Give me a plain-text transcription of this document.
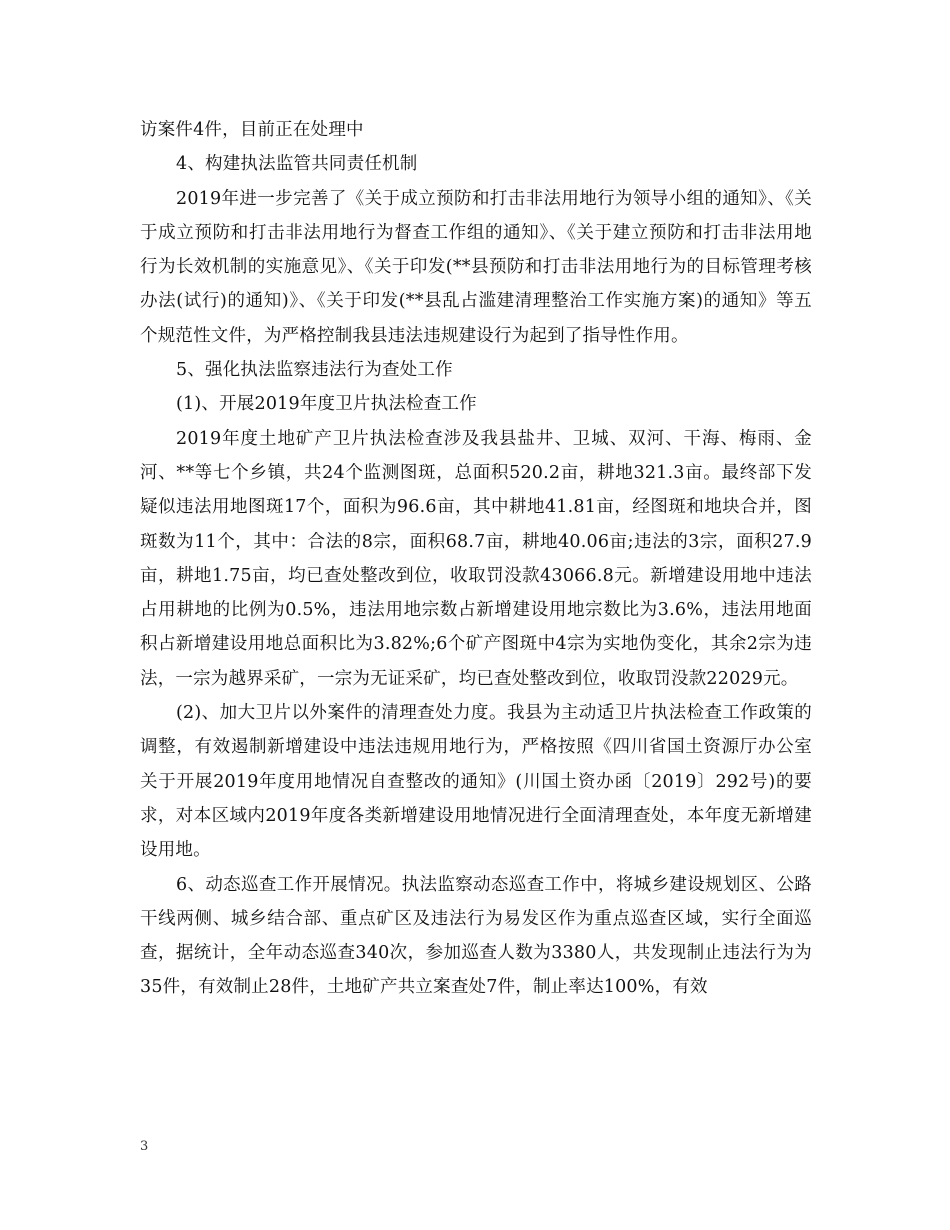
访案件4件，目前正在处理中

4、构建执法监管共同责任机制

2019年进一步完善了《关于成立预防和打击非法用地行为领导小组的通知》、《关于成立预防和打击非法用地行为督查工作组的通知》、《关于建立预防和打击非法用地行为长效机制的实施意见》、《关于印发(**县预防和打击非法用地行为的目标管理考核办法(试行)的通知)》、《关于印发(**县乱占滥建清理整治工作实施方案)的通知》等五个规范性文件，为严格控制我县违法违规建设行为起到了指导性作用。

5、强化执法监察违法行为查处工作

(1)、开展2019年度卫片执法检查工作

2019年度土地矿产卫片执法检查涉及我县盐井、卫城、双河、干海、梅雨、金河、**等七个乡镇，共24个监测图斑，总面积520.2亩，耕地321.3亩。最终部下发疑似违法用地图斑17个，面积为96.6亩，其中耕地41.81亩，经图斑和地块合并，图斑数为11个，其中：合法的8宗，面积68.7亩，耕地40.06亩;违法的3宗，面积27.9亩，耕地1.75亩，均已查处整改到位，收取罚没款43066.8元。新增建设用地中违法占用耕地的比例为0.5%，违法用地宗数占新增建设用地宗数比为3.6%，违法用地面积占新增建设用地总面积比为3.82%;6个矿产图斑中4宗为实地伪变化，其余2宗为违法，一宗为越界采矿，一宗为无证采矿，均已查处整改到位，收取罚没款22029元。

(2)、加大卫片以外案件的清理查处力度。我县为主动适卫片执法检查工作政策的调整，有效遏制新增建设中违法违规用地行为，严格按照《四川省国土资源厅办公室关于开展2019年度用地情况自查整改的通知》(川国土资办函〔2019〕292号)的要求，对本区域内2019年度各类新增建设用地情况进行全面清理查处，本年度无新增建设用地。

6、动态巡查工作开展情况。执法监察动态巡查工作中，将城乡建设规划区、公路干线两侧、城乡结合部、重点矿区及违法行为易发区作为重点巡查区域，实行全面巡查，据统计，全年动态巡查340次，参加巡查人数为3380人，共发现制止违法行为为35件，有效制止28件，土地矿产共立案查处7件，制止率达100%，有效

3
